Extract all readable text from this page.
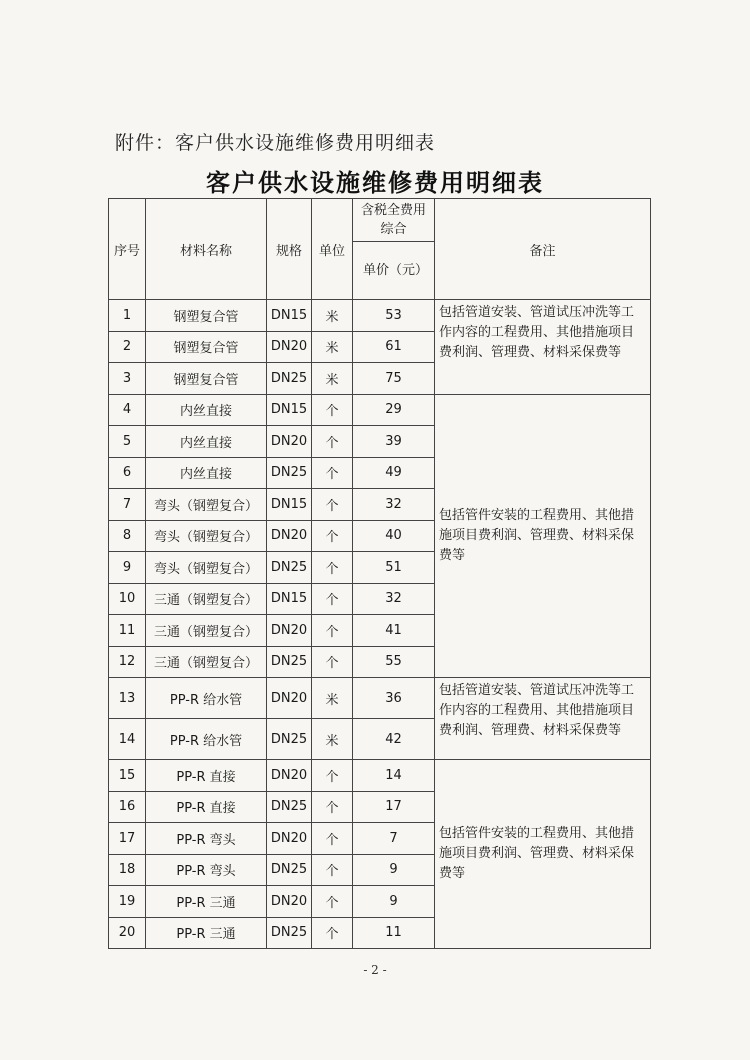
附件：客户供水设施维修费用明细表
客户供水设施维修费用明细表
序号	材料名称	规格	单位	含税全费用综合	备注
				单价（元）	
1	钢塑复合管	DN15	米	53	包括管道安装、管道试压冲洗等工作内容的工程费用、其他措施项目费利润、管理费、材料采保费等
2	钢塑复合管	DN20	米	61	
3	钢塑复合管	DN25	米	75	
4	内丝直接	DN15	个	29	包括管件安装的工程费用、其他措施项目费利润、管理费、材料采保费等
5	内丝直接	DN20	个	39	
6	内丝直接	DN25	个	49	
7	弯头（钢塑复合）	DN15	个	32	
8	弯头（钢塑复合）	DN20	个	40	
9	弯头（钢塑复合）	DN25	个	51	
10	三通（钢塑复合）	DN15	个	32	
11	三通（钢塑复合）	DN20	个	41	
12	三通（钢塑复合）	DN25	个	55	
13	PP-R 给水管	DN20	米	36	包括管道安装、管道试压冲洗等工作内容的工程费用、其他措施项目费利润、管理费、材料采保费等
14	PP-R 给水管	DN25	米	42	
15	PP-R 直接	DN20	个	14	包括管件安装的工程费用、其他措施项目费利润、管理费、材料采保费等
16	PP-R 直接	DN25	个	17	
17	PP-R 弯头	DN20	个	7	
18	PP-R 弯头	DN25	个	9	
19	PP-R 三通	DN20	个	9	
20	PP-R 三通	DN25	个	11	
- 2 -
